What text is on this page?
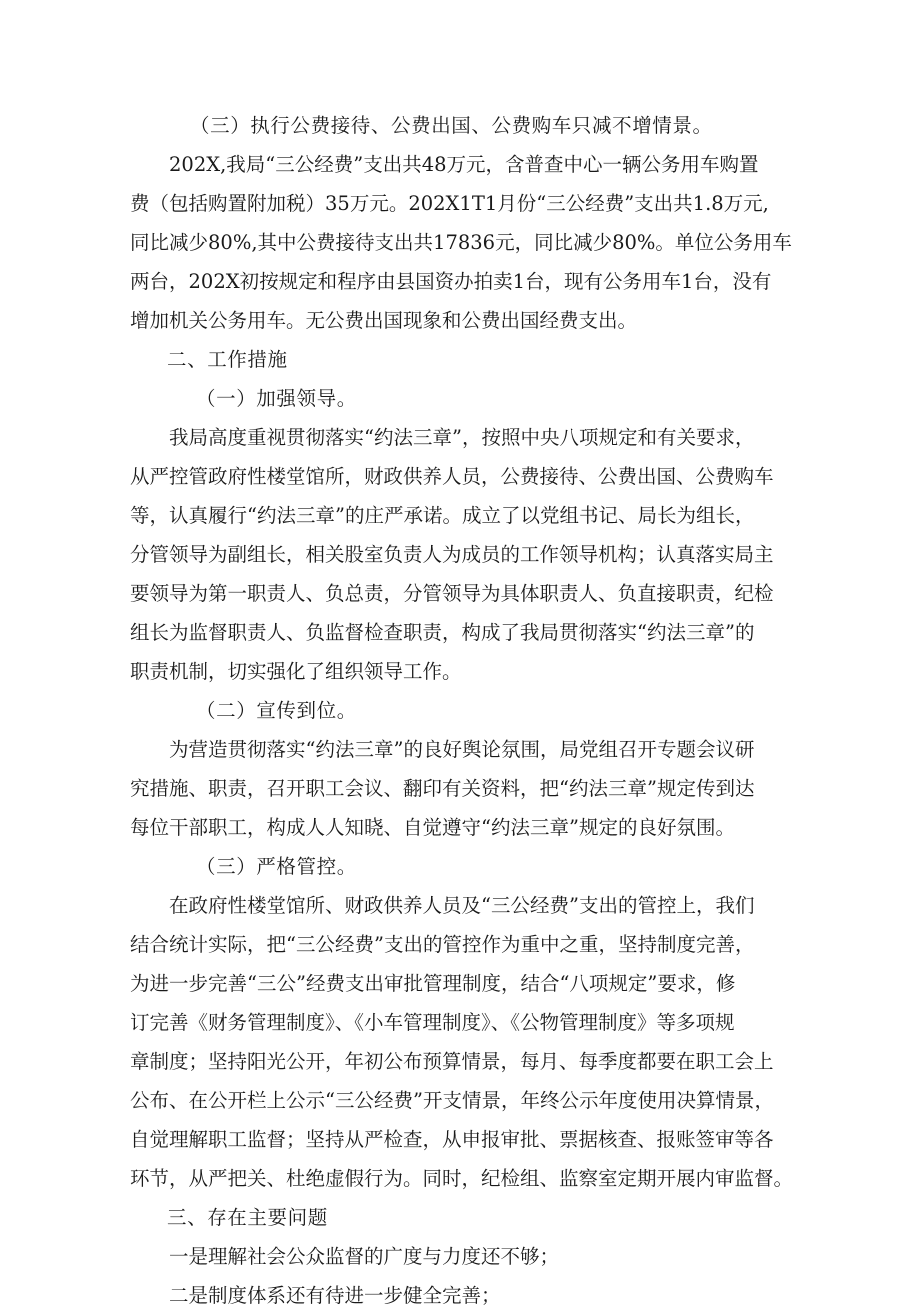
（三）执行公费接待、公费出国、公费购车只减不增情景。

202X,我局“三公经费”支出共48万元，含普查中心一辆公务用车购置
费（包括购置附加税）35万元。202X1T1月份“三公经费”支出共1.8万元,
同比减少80%,其中公费接待支出共17836元，同比减少80%。单位公务用车
两台，202X初按规定和程序由县国资办拍卖1台，现有公务用车1台，没有
增加机关公务用车。无公费出国现象和公费出国经费支出。

二、工作措施

（一）加强领导。

我局高度重视贯彻落实“约法三章”，按照中央八项规定和有关要求，
从严控管政府性楼堂馆所，财政供养人员，公费接待、公费出国、公费购车
等，认真履行“约法三章”的庄严承诺。成立了以党组书记、局长为组长，
分管领导为副组长，相关股室负责人为成员的工作领导机构；认真落实局主
要领导为第一职责人、负总责，分管领导为具体职责人、负直接职责，纪检
组长为监督职责人、负监督检查职责，构成了我局贯彻落实“约法三章”的
职责机制，切实强化了组织领导工作。

（二）宣传到位。

为营造贯彻落实“约法三章”的良好舆论氛围，局党组召开专题会议研
究措施、职责，召开职工会议、翻印有关资料，把“约法三章”规定传到达
每位干部职工，构成人人知晓、自觉遵守“约法三章”规定的良好氛围。

（三）严格管控。

在政府性楼堂馆所、财政供养人员及“三公经费”支出的管控上，我们
结合统计实际，把“三公经费”支出的管控作为重中之重，坚持制度完善，
为进一步完善“三公”经费支出审批管理制度，结合“八项规定”要求，修
订完善《财务管理制度》、《小车管理制度》、《公物管理制度》等多项规
章制度；坚持阳光公开，年初公布预算情景，每月、每季度都要在职工会上
公布、在公开栏上公示“三公经费”开支情景，年终公示年度使用决算情景，
自觉理解职工监督；坚持从严检查，从申报审批、票据核查、报账签审等各
环节，从严把关、杜绝虚假行为。同时，纪检组、监察室定期开展内审监督。

三、存在主要问题

一是理解社会公众监督的广度与力度还不够；
二是制度体系还有待进一步健全完善；
